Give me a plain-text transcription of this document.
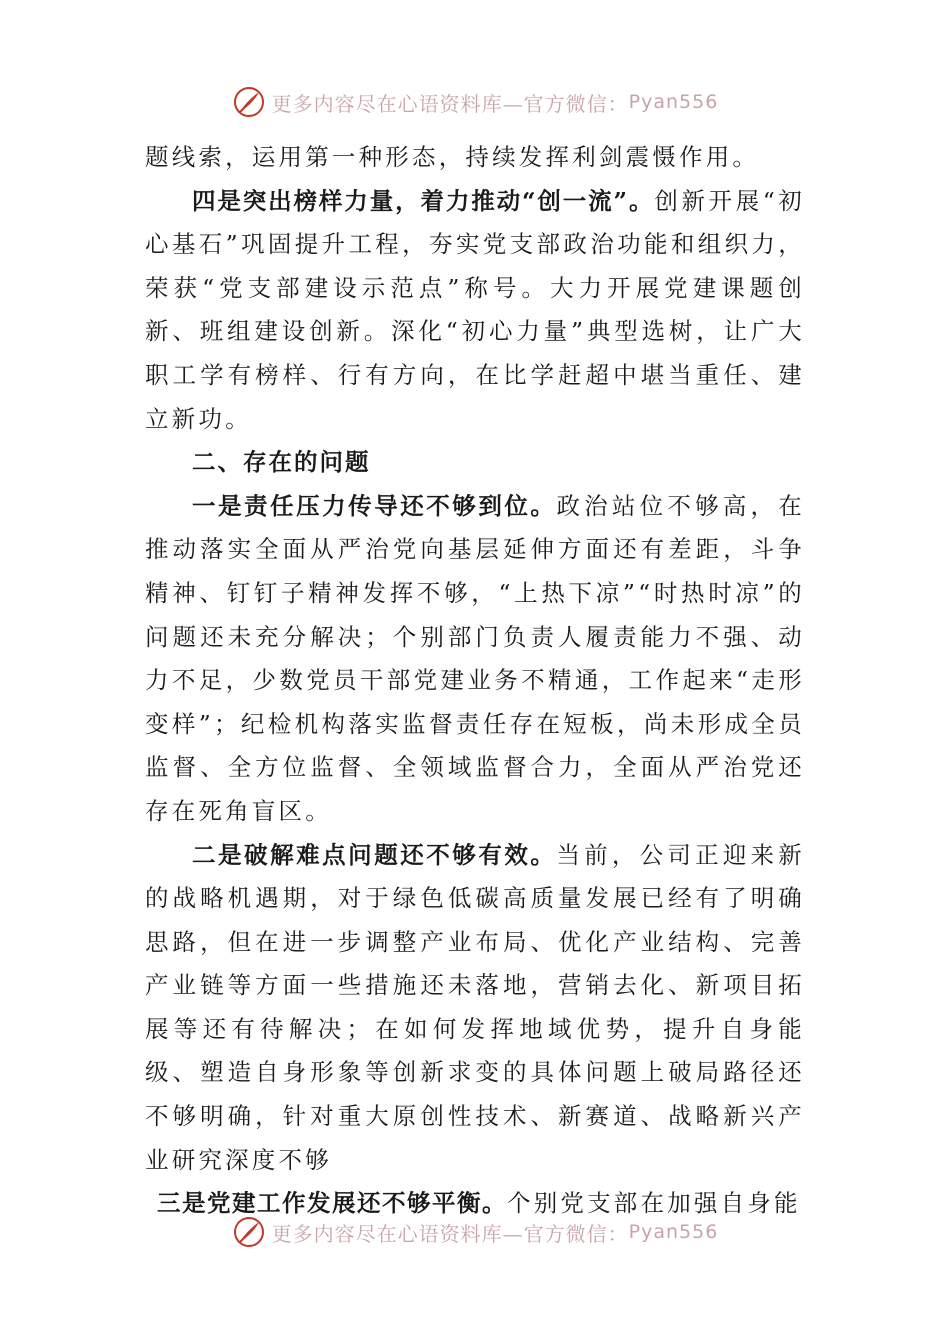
更多内容尽在心语资料库—官方微信： Pyan556

题线索，运用第一种形态，持续发挥利剑震慑作用。

四是突出榜样力量，着力推动“创一流”。创新开展“初心基石”巩固提升工程，夯实党支部政治功能和组织力，荣获“党支部建设示范点”称号。大力开展党建课题创新、班组建设创新。深化“初心力量”典型选树，让广大职工学有榜样、行有方向，在比学赶超中堪当重任、建立新功。

二、存在的问题

一是责任压力传导还不够到位。政治站位不够高，在推动落实全面从严治党向基层延伸方面还有差距，斗争精神、钉钉子精神发挥不够，“上热下凉”“时热时凉”的问题还未充分解决；个别部门负责人履责能力不强、动力不足，少数党员干部党建业务不精通，工作起来“走形变样”；纪检机构落实监督责任存在短板，尚未形成全员监督、全方位监督、全领域监督合力，全面从严治党还存在死角盲区。

二是破解难点问题还不够有效。当前，公司正迎来新的战略机遇期，对于绿色低碳高质量发展已经有了明确思路，但在进一步调整产业布局、优化产业结构、完善产业链等方面一些措施还未落地，营销去化、新项目拓展等还有待解决；在如何发挥地域优势，提升自身能级、塑造自身形象等创新求变的具体问题上破局路径还不够明确，针对重大原创性技术、新赛道、战略新兴产业研究深度不够

三是党建工作发展还不够平衡。个别党支部在加强自身能

更多内容尽在心语资料库—官方微信： Pyan556
